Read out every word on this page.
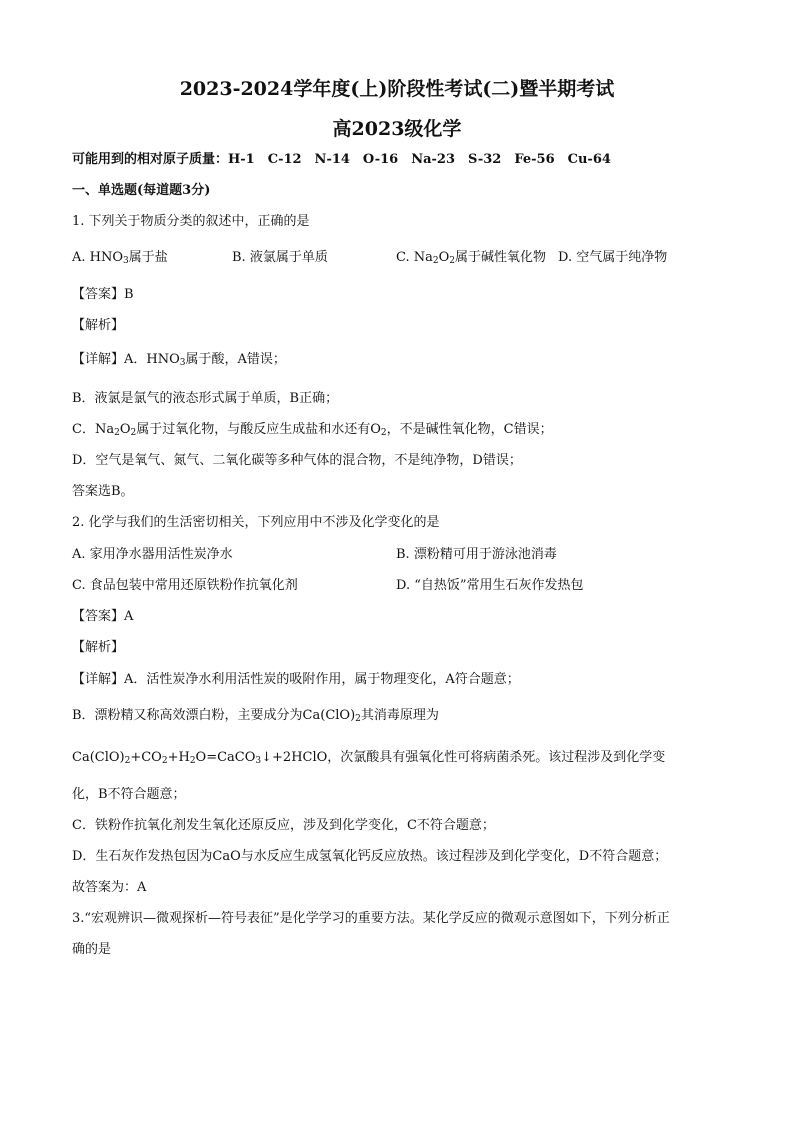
2023-2024学年度(上)阶段性考试(二)暨半期考试
高2023级化学
可能用到的相对原子质量：H-1　C-12　N-14　O-16　Na-23　S-32　Fe-56　Cu-64
一、单选题(每道题3分)
1. 下列关于物质分类的叙述中，正确的是
A. $HNO_3$属于盐	B. 液氯属于单质	C. $Na_2O_2$属于碱性氧化物 D. 空气属于纯净物
【答案】B
【解析】
【详解】A．$HNO_3$属于酸，A错误；
B．液氯是氯气的液态形式属于单质，B正确；
C．$Na_2O_2$属于过氧化物，与酸反应生成盐和水还有$O_2$，不是碱性氧化物，C错误；
D．空气是氧气、氮气、二氧化碳等多种气体的混合物，不是纯净物，D错误；
答案选B。
2. 化学与我们的生活密切相关，下列应用中不涉及化学变化的是
A. 家用净水器用活性炭净水	B. 漂粉精可用于游泳池消毒
C. 食品包装中常用还原铁粉作抗氧化剂	D. “自热饭”常用生石灰作发热包
【答案】A
【解析】
【详解】A．活性炭净水利用活性炭的吸附作用，属于物理变化，A符合题意；
B．漂粉精又称高效漂白粉，主要成分为$Ca(ClO)_2$其消毒原理为
$Ca(ClO)_2+CO_2+H_2O=CaCO_3↓+2HClO$，次氯酸具有强氧化性可将病菌杀死。该过程涉及到化学变
化，B不符合题意；
C．铁粉作抗氧化剂发生氧化还原反应，涉及到化学变化，C不符合题意；
D．生石灰作发热包因为CaO与水反应生成氢氧化钙反应放热。该过程涉及到化学变化，D不符合题意；
故答案为：A
3.“宏观辨识—微观探析—符号表征”是化学学习的重要方法。某化学反应的微观示意图如下，下列分析正
确的是
